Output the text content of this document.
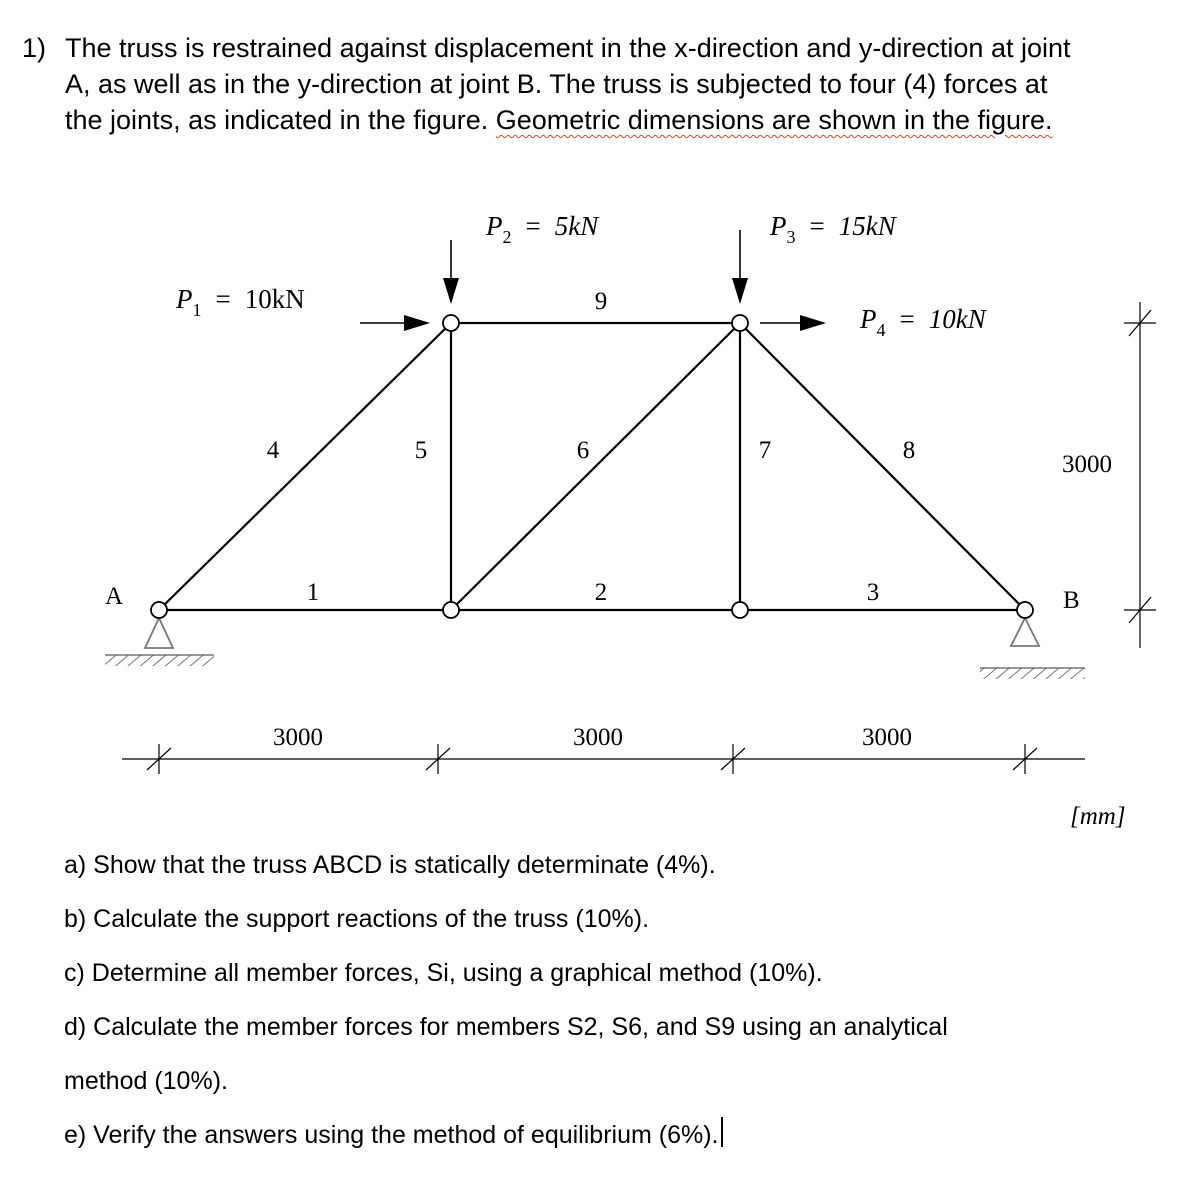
1) The truss is restrained against displacement in the x-direction and y-direction at joint
A, as well as in the y-direction at joint B. The truss is subjected to four (4) forces at
the joints, as indicated in the figure. Geometric dimensions are shown in the figure.

$P_1 = 10kN$
$P_2 = 5kN$	$P_3 = 15kN$
$P_4 = 10kN$
1	2	3
4	5	6	7	8
9
A	B
3000	3000	3000
3000
[mm]
a) Show that the truss ABCD is statically determinate (4%).
b) Calculate the support reactions of the truss (10%).
c) Determine all member forces, Si, using a graphical method (10%).
d) Calculate the member forces for members S2, S6, and S9 using an analytical
method (10%).
e) Verify the answers using the method of equilibrium (6%).
